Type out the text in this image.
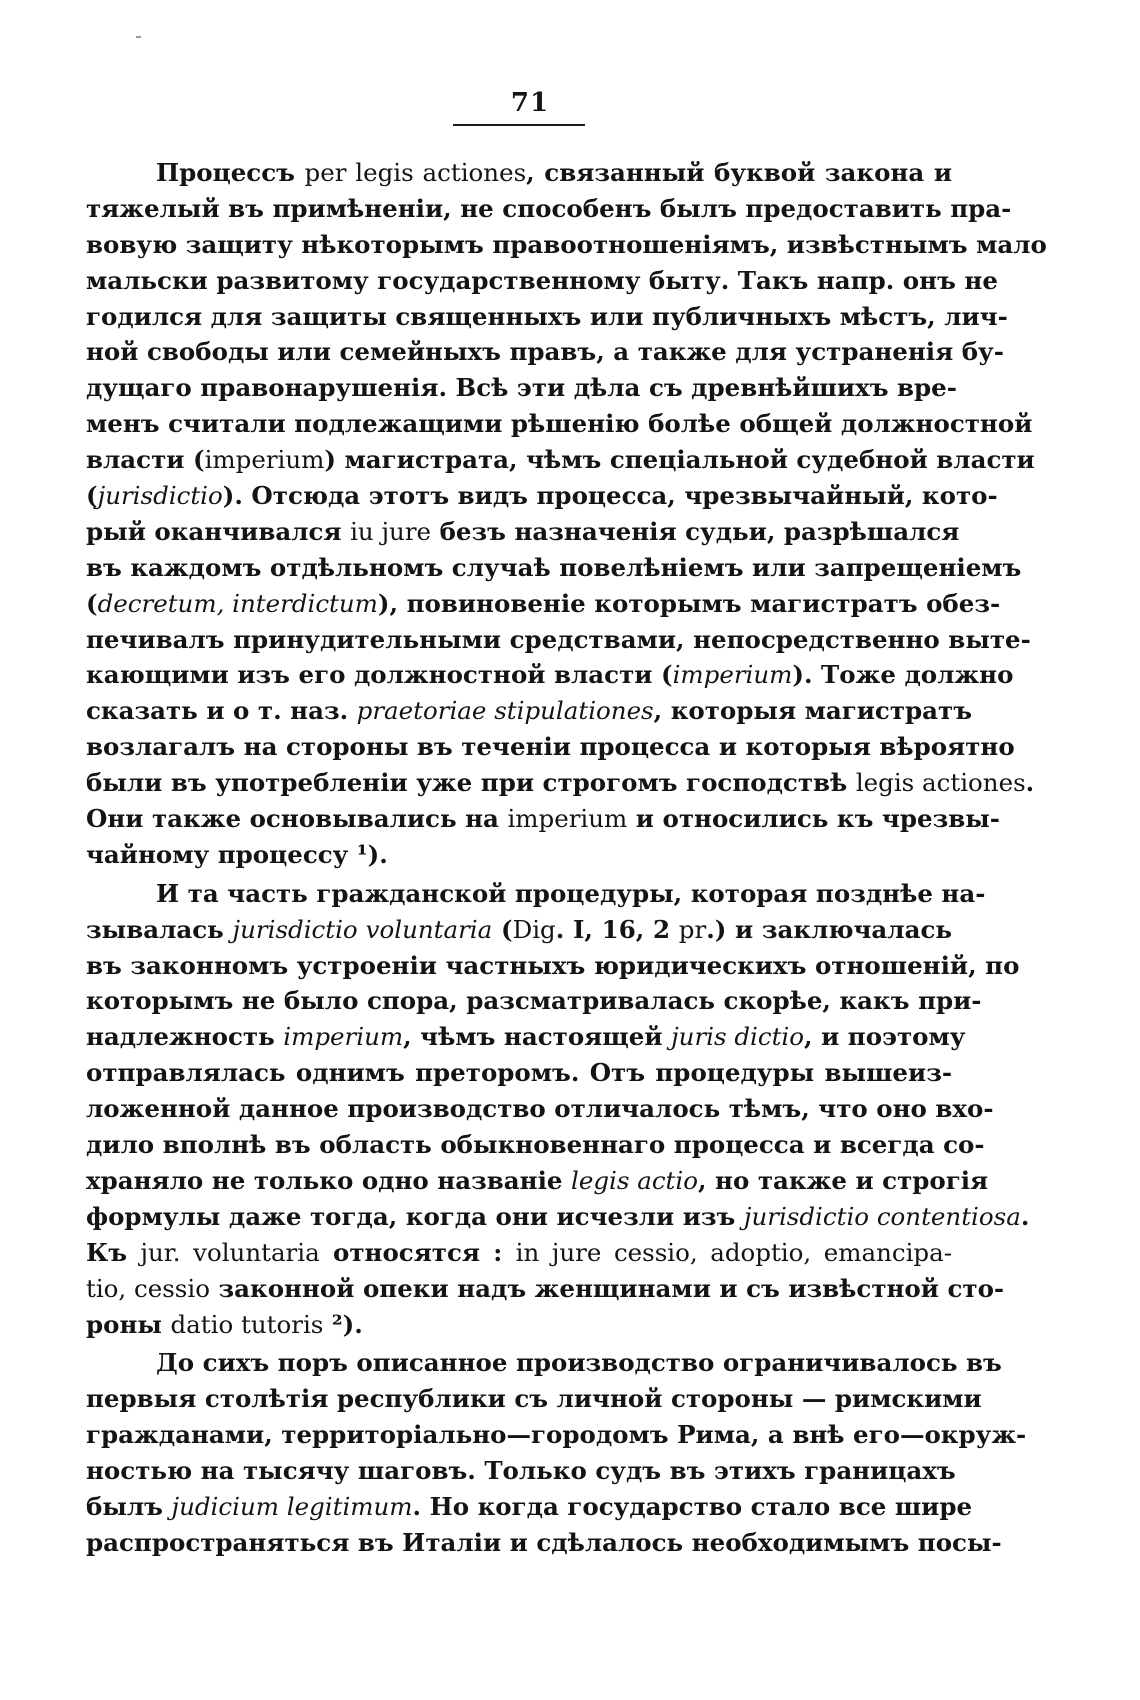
71
Процессъ per legis actiones, связанный буквой закона и
тяжелый въ примѣненіи, не способенъ былъ предоставить пра-
вовую защиту нѣкоторымъ правоотношеніямъ, извѣстнымъ мало
мальски развитому государственному быту. Такъ напр. онъ не
годился для защиты священныхъ или публичныхъ мѣстъ, лич-
ной свободы или семейныхъ правъ, а также для устраненія бу-
дущаго правонарушенія. Всѣ эти дѣла съ древнѣйшихъ вре-
менъ считали подлежащими рѣшенію болѣе общей должностной
власти (imperium) магистрата, чѣмъ спеціальной судебной власти
(jurisdictio). Отсюда этотъ видъ процесса, чрезвычайный, кото-
рый оканчивался iu jure безъ назначенія судьи, разрѣшался
въ каждомъ отдѣльномъ случаѣ повелѣніемъ или запрещеніемъ
(decretum, interdictum), повиновеніе которымъ магистратъ обез-
печивалъ принудительными средствами, непосредственно выте-
кающими изъ его должностной власти (imperium). Тоже должно
сказать и о т. наз. praetoriae stipulationes, которыя магистратъ
возлагалъ на стороны въ теченіи процесса и которыя вѣроятно
были въ употребленіи уже при строгомъ господствѣ legis actiones.
Они также основывались на imperium и относились къ чрезвы-
чайному процессу ¹).
И та часть гражданской процедуры, которая позднѣе на-
зывалась jurisdictio voluntaria (Dig. I, 16, 2 pr.) и заключалась
въ законномъ устроеніи частныхъ юридическихъ отношеній, по
которымъ не было спора, разсматривалась скорѣе, какъ при-
надлежность imperium, чѣмъ настоящей juris dictio, и поэтому
отправлялась однимъ преторомъ. Отъ процедуры вышеиз-
ложенной данное производство отличалось тѣмъ, что оно вхо-
дило вполнѣ въ область обыкновеннаго процесса и всегда со-
храняло не только одно названіе legis actio, но также и строгія
формулы даже тогда, когда они исчезли изъ jurisdictio contentiosa.
Къ jur. voluntaria относятся : in jure cessio, adoptio, emancipa-
tio, cessio законной опеки надъ женщинами и съ извѣстной сто-
роны datio tutoris ²).
До сихъ поръ описанное производство ограничивалось въ
первыя столѣтія республики съ личной стороны — римскими
гражданами, территоріально—городомъ Рима, а внѣ его—окруж-
ностью на тысячу шаговъ. Только судъ въ этихъ границахъ
былъ judicium legitimum. Но когда государство стало все шире
распространяться въ Италіи и сдѣлалось необходимымъ посы-
